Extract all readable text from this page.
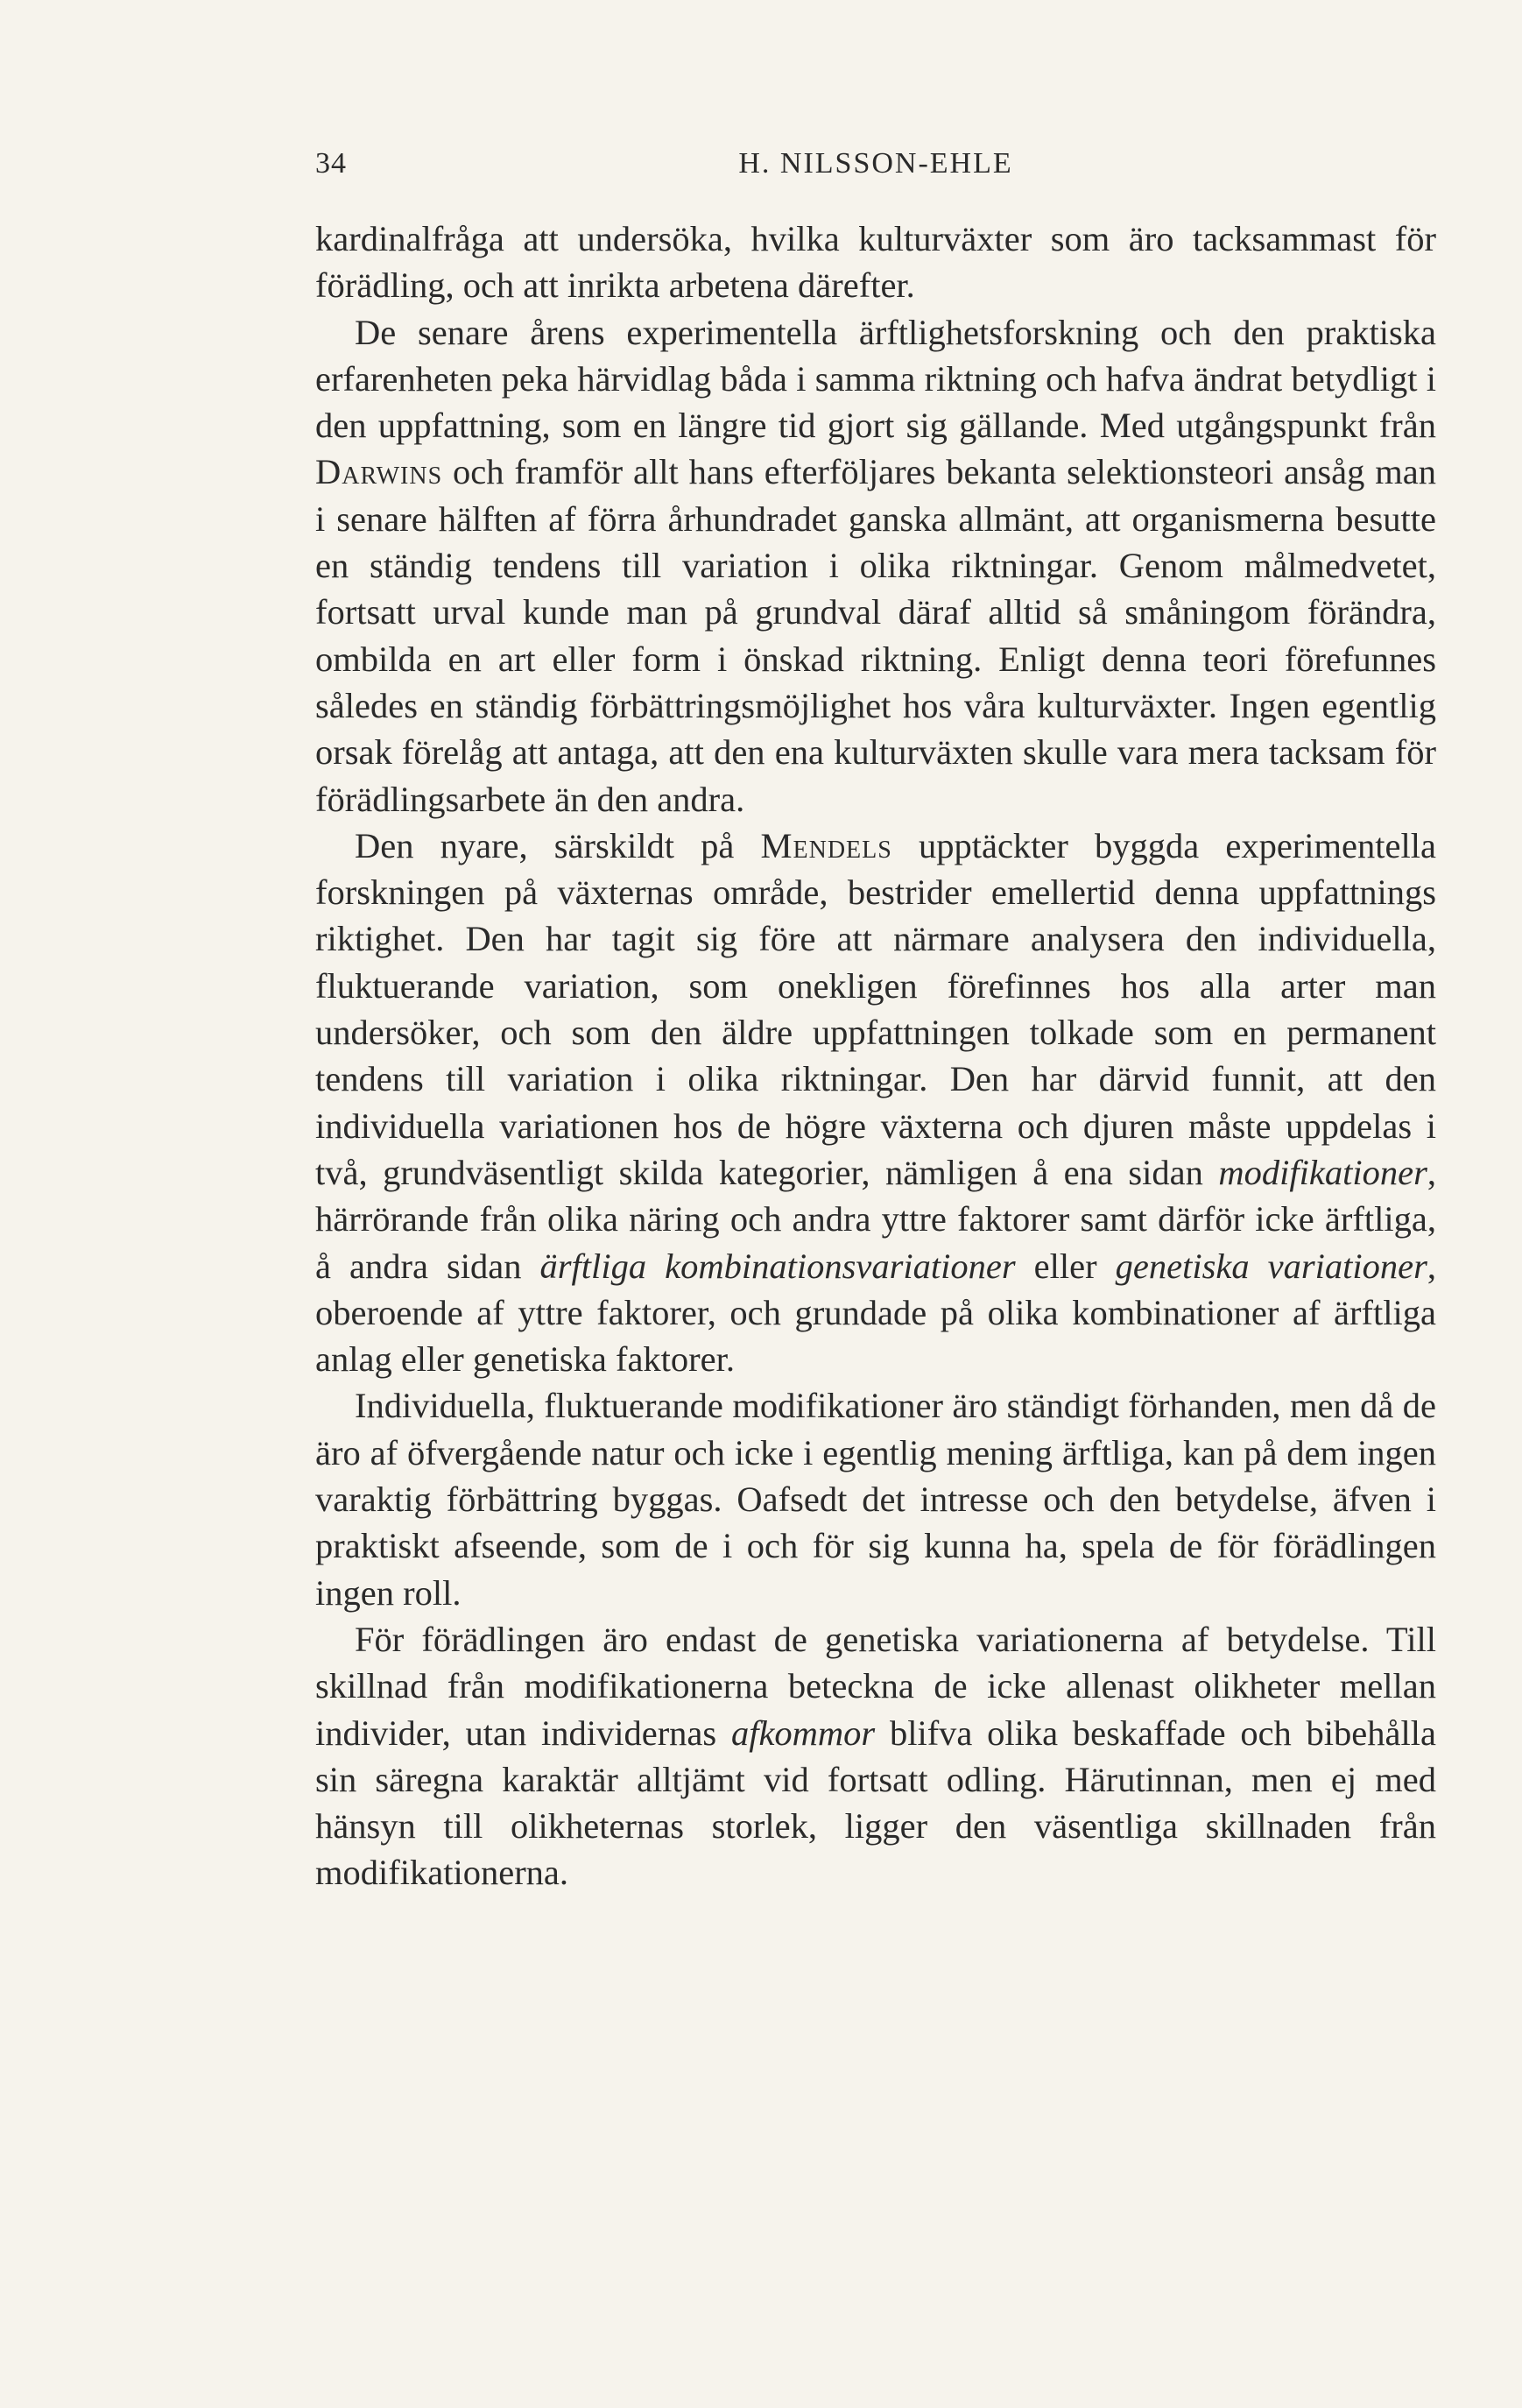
34	H. NILSSON-EHLE

kardinalfråga att undersöka, hvilka kulturväxter som äro tacksammast för förädling, och att inrikta arbetena därefter.

De senare årens experimentella ärftlighetsforskning och den praktiska erfarenheten peka härvidlag båda i samma riktning och hafva ändrat betydligt i den uppfattning, som en längre tid gjort sig gällande. Med utgångspunkt från Darwins och framför allt hans efterföljares bekanta selektionsteori ansåg man i senare hälften af förra århundradet ganska allmänt, att organismerna besutte en ständig tendens till variation i olika riktningar. Genom målmedvetet, fortsatt urval kunde man på grundval däraf alltid så småningom förändra, ombilda en art eller form i önskad riktning. Enligt denna teori förefunnes således en ständig förbättringsmöjlighet hos våra kulturväxter. Ingen egentlig orsak förelåg att antaga, att den ena kulturväxten skulle vara mera tacksam för förädlingsarbete än den andra.

Den nyare, särskildt på Mendels upptäckter byggda experimentella forskningen på växternas område, bestrider emellertid denna uppfattnings riktighet. Den har tagit sig före att närmare analysera den individuella, fluktuerande variation, som onekligen förefinnes hos alla arter man undersöker, och som den äldre uppfattningen tolkade som en permanent tendens till variation i olika riktningar. Den har därvid funnit, att den individuella variationen hos de högre växterna och djuren måste uppdelas i två, grundväsentligt skilda kategorier, nämligen å ena sidan modifikationer, härrörande från olika näring och andra yttre faktorer samt därför icke ärftliga, å andra sidan ärftliga kombinationsvariationer eller genetiska variationer, oberoende af yttre faktorer, och grundade på olika kombinationer af ärftliga anlag eller genetiska faktorer.

Individuella, fluktuerande modifikationer äro ständigt förhanden, men då de äro af öfvergående natur och icke i egentlig mening ärftliga, kan på dem ingen varaktig förbättring byggas. Oafsedt det intresse och den betydelse, äfven i praktiskt afseende, som de i och för sig kunna ha, spela de för förädlingen ingen roll.

För förädlingen äro endast de genetiska variationerna af betydelse. Till skillnad från modifikationerna beteckna de icke allenast olikheter mellan individer, utan individernas afkommor blifva olika beskaffade och bibehålla sin säregna karaktär alltjämt vid fortsatt odling. Härutinnan, men ej med hänsyn till olikheternas storlek, ligger den väsentliga skillnaden från modifikationerna.
